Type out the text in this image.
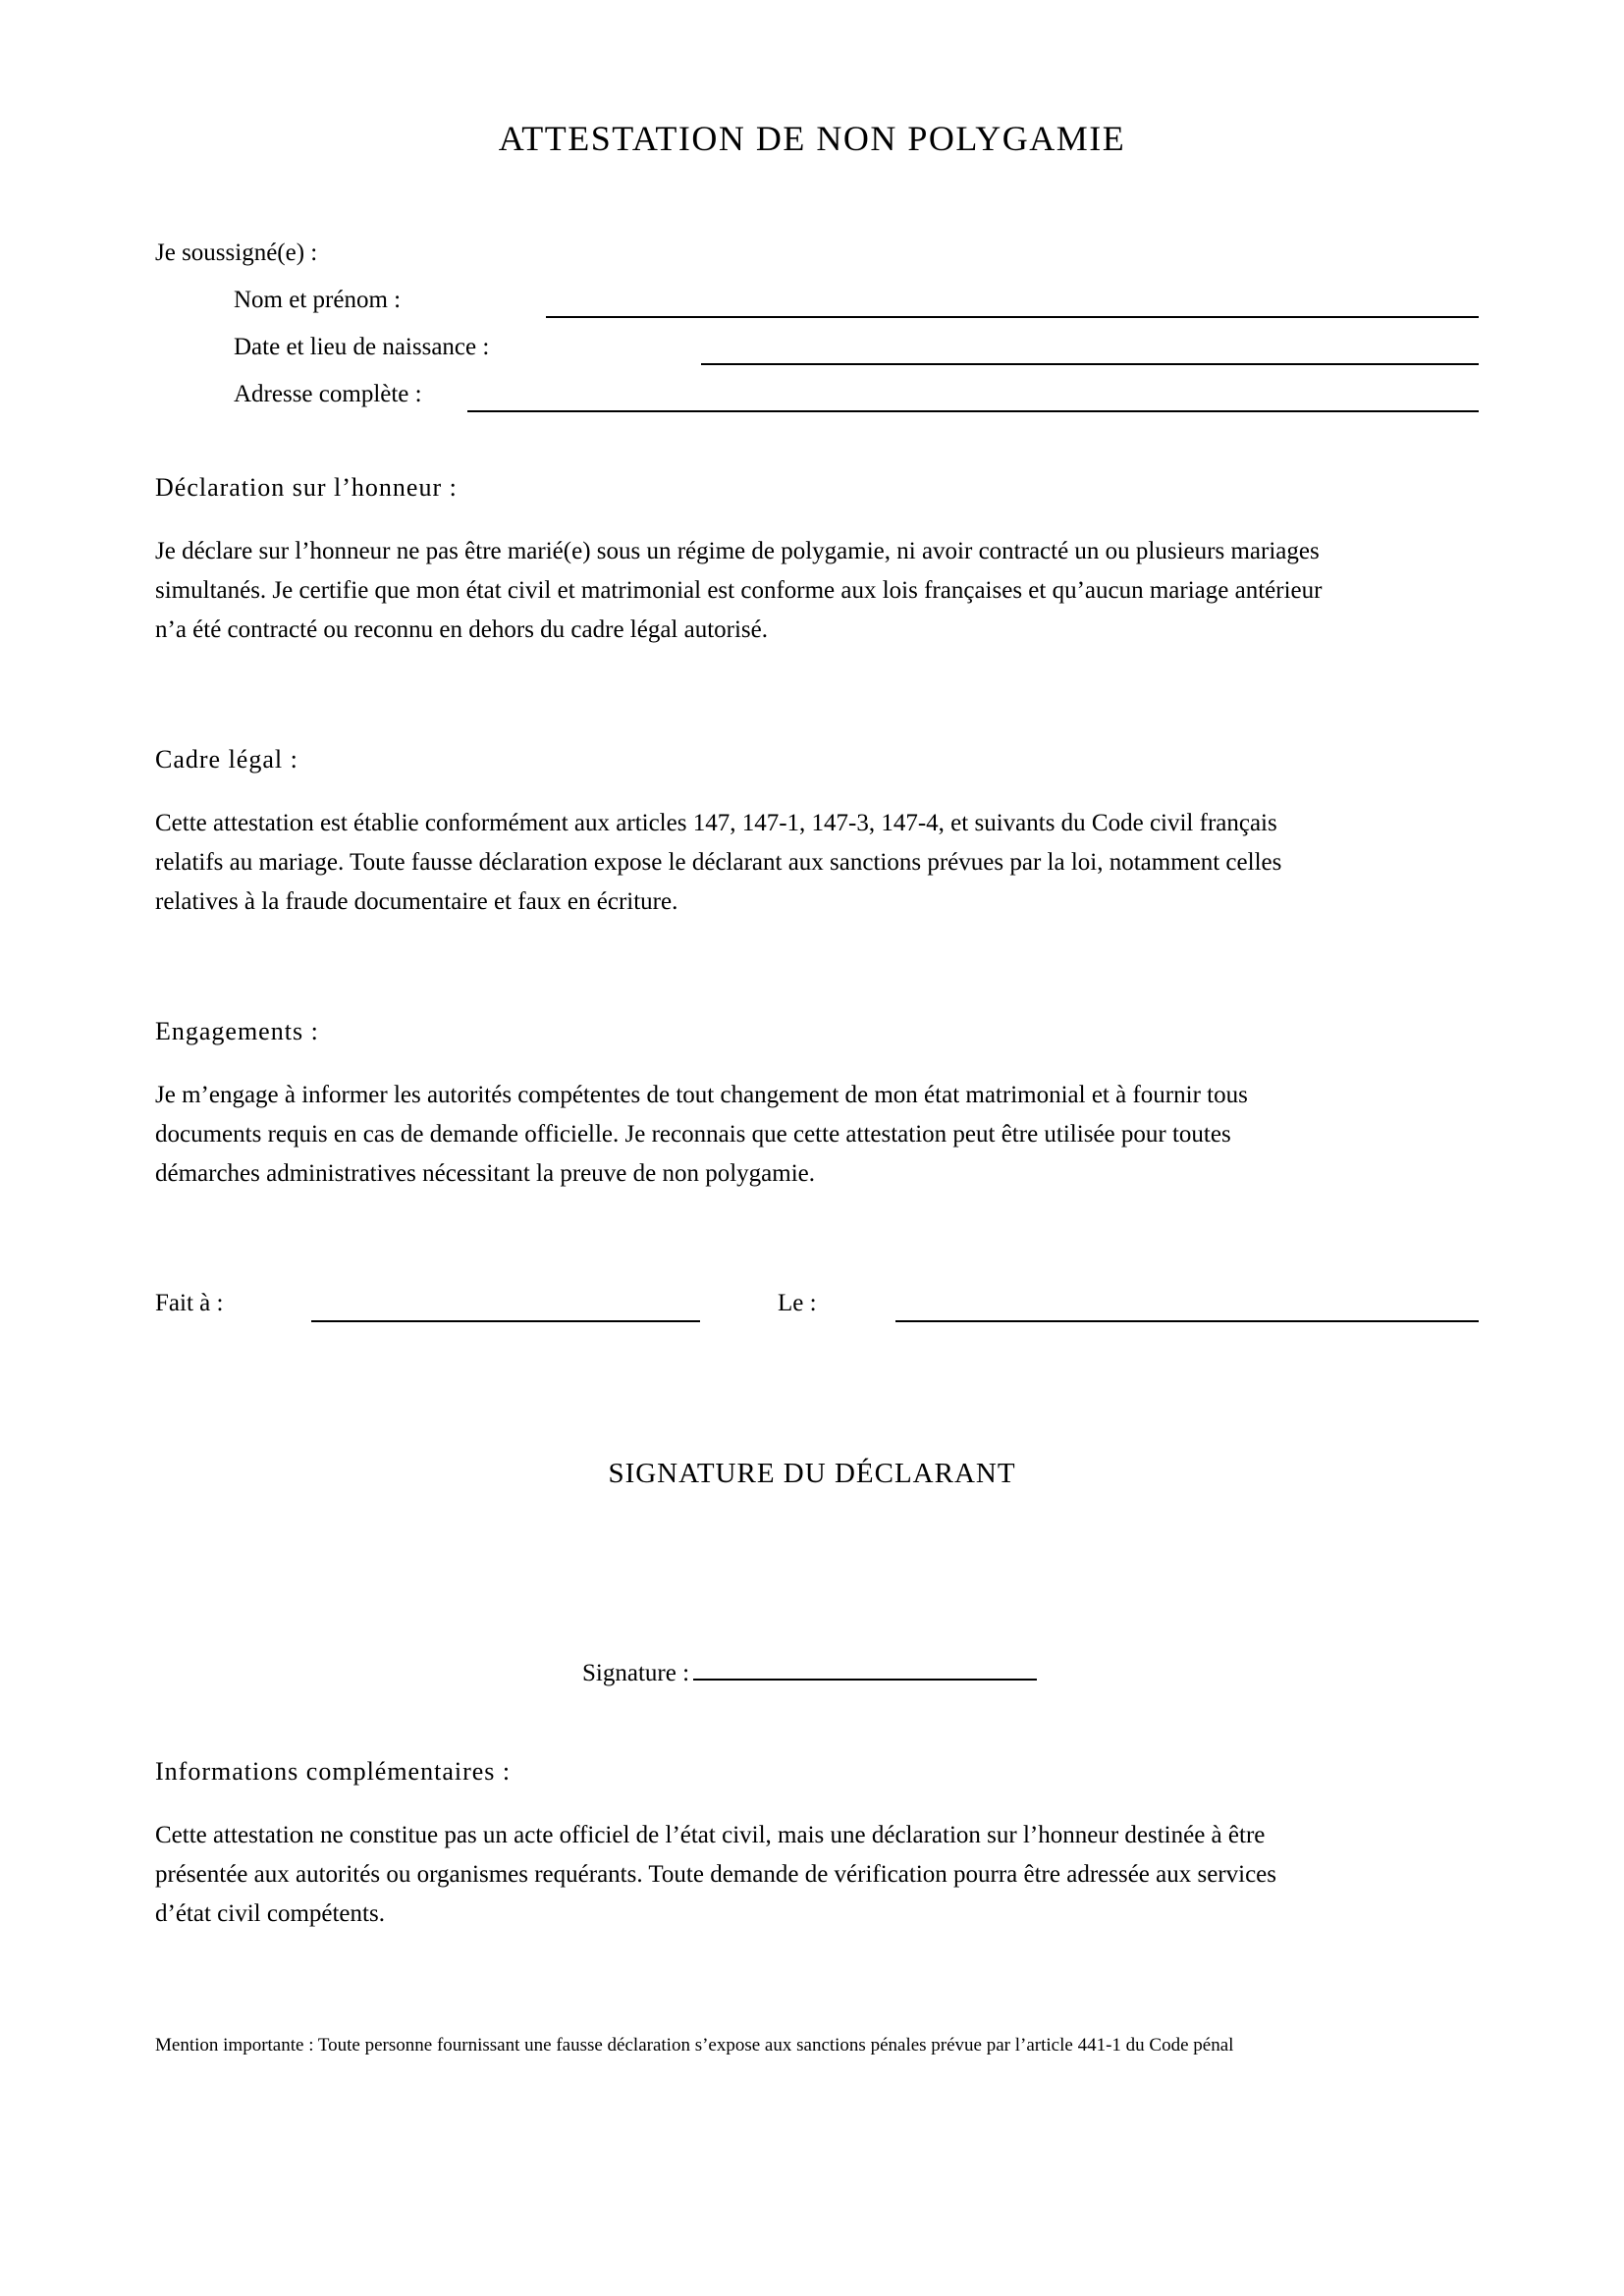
ATTESTATION DE NON POLYGAMIE
Je soussigné(e) :
Nom et prénom :
Date et lieu de naissance :
Adresse complète :
Déclaration sur l’honneur :
Je déclare sur l’honneur ne pas être marié(e) sous un régime de polygamie, ni avoir contracté un ou plusieurs mariages
simultanés. Je certifie que mon état civil et matrimonial est conforme aux lois françaises et qu’aucun mariage antérieur
n’a été contracté ou reconnu en dehors du cadre légal autorisé.
Cadre légal :
Cette attestation est établie conformément aux articles 147, 147-1, 147-3, 147-4, et suivants du Code civil français
relatifs au mariage. Toute fausse déclaration expose le déclarant aux sanctions prévues par la loi, notamment celles
relatives à la fraude documentaire et faux en écriture.
Engagements :
Je m’engage à informer les autorités compétentes de tout changement de mon état matrimonial et à fournir tous
documents requis en cas de demande officielle. Je reconnais que cette attestation peut être utilisée pour toutes
démarches administratives nécessitant la preuve de non polygamie.
Fait à :	Le :
SIGNATURE DU DÉCLARANT
Signature :
Informations complémentaires :
Cette attestation ne constitue pas un acte officiel de l’état civil, mais une déclaration sur l’honneur destinée à être
présentée aux autorités ou organismes requérants. Toute demande de vérification pourra être adressée aux services
d’état civil compétents.
Mention importante : Toute personne fournissant une fausse déclaration s’expose aux sanctions pénales prévue par l’article 441-1 du Code pénal
